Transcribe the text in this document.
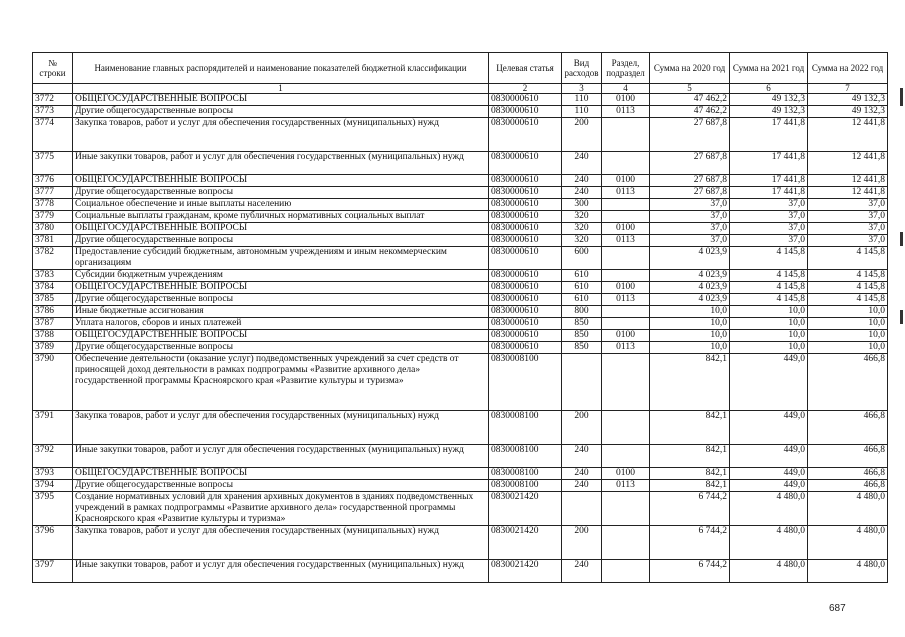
№ строки	Наименование главных распорядителей и наименование показателей бюджетной классификации	Целевая статья	Вид расходов	Раздел, подраздел	Сумма на 2020 год	Сумма на 2021 год	Сумма на 2022 год
	1	2	3	4	5	6	7
3772	ОБЩЕГОСУДАРСТВЕННЫЕ ВОПРОСЫ	0830000610	110	0100	47 462,2	49 132,3	49 132,3
3773	Другие общегосударственные вопросы	0830000610	110	0113	47 462,2	49 132,3	49 132,3
3774	Закупка товаров, работ и услуг для обеспечения государственных (муниципальных) нужд	0830000610	200		27 687,8	17 441,8	12 441,8
3775	Иные закупки товаров, работ и услуг для обеспечения государственных (муниципальных) нужд	0830000610	240		27 687,8	17 441,8	12 441,8
3776	ОБЩЕГОСУДАРСТВЕННЫЕ ВОПРОСЫ	0830000610	240	0100	27 687,8	17 441,8	12 441,8
3777	Другие общегосударственные вопросы	0830000610	240	0113	27 687,8	17 441,8	12 441,8
3778	Социальное обеспечение и иные выплаты населению	0830000610	300		37,0	37,0	37,0
3779	Социальные выплаты гражданам, кроме публичных нормативных социальных выплат	0830000610	320		37,0	37,0	37,0
3780	ОБЩЕГОСУДАРСТВЕННЫЕ ВОПРОСЫ	0830000610	320	0100	37,0	37,0	37,0
3781	Другие общегосударственные вопросы	0830000610	320	0113	37,0	37,0	37,0
3782	Предоставление субсидий бюджетным, автономным учреждениям и иным некоммерческим организациям	0830000610	600		4 023,9	4 145,8	4 145,8
3783	Субсидии бюджетным учреждениям	0830000610	610		4 023,9	4 145,8	4 145,8
3784	ОБЩЕГОСУДАРСТВЕННЫЕ ВОПРОСЫ	0830000610	610	0100	4 023,9	4 145,8	4 145,8
3785	Другие общегосударственные вопросы	0830000610	610	0113	4 023,9	4 145,8	4 145,8
3786	Иные бюджетные ассигнования	0830000610	800		10,0	10,0	10,0
3787	Уплата налогов, сборов и иных платежей	0830000610	850		10,0	10,0	10,0
3788	ОБЩЕГОСУДАРСТВЕННЫЕ ВОПРОСЫ	0830000610	850	0100	10,0	10,0	10,0
3789	Другие общегосударственные вопросы	0830000610	850	0113	10,0	10,0	10,0
3790	Обеспечение деятельности (оказание услуг) подведомственных учреждений за счет средств от приносящей доход деятельности в рамках подпрограммы «Развитие архивного дела» государственной программы Красноярского края «Развитие культуры и туризма»	0830008100			842,1	449,0	466,8
3791	Закупка товаров, работ и услуг для обеспечения государственных (муниципальных) нужд	0830008100	200		842,1	449,0	466,8
3792	Иные закупки товаров, работ и услуг для обеспечения государственных (муниципальных) нужд	0830008100	240		842,1	449,0	466,8
3793	ОБЩЕГОСУДАРСТВЕННЫЕ ВОПРОСЫ	0830008100	240	0100	842,1	449,0	466,8
3794	Другие общегосударственные вопросы	0830008100	240	0113	842,1	449,0	466,8
3795	Создание нормативных условий для хранения архивных документов в зданиях подведомственных учреждений в рамках подпрограммы «Развитие архивного дела» государственной программы Красноярского края «Развитие культуры и туризма»	0830021420			6 744,2	4 480,0	4 480,0
3796	Закупка товаров, работ и услуг для обеспечения государственных (муниципальных) нужд	0830021420	200		6 744,2	4 480,0	4 480,0
3797	Иные закупки товаров, работ и услуг для обеспечения государственных (муниципальных) нужд	0830021420	240		6 744,2	4 480,0	4 480,0
687
